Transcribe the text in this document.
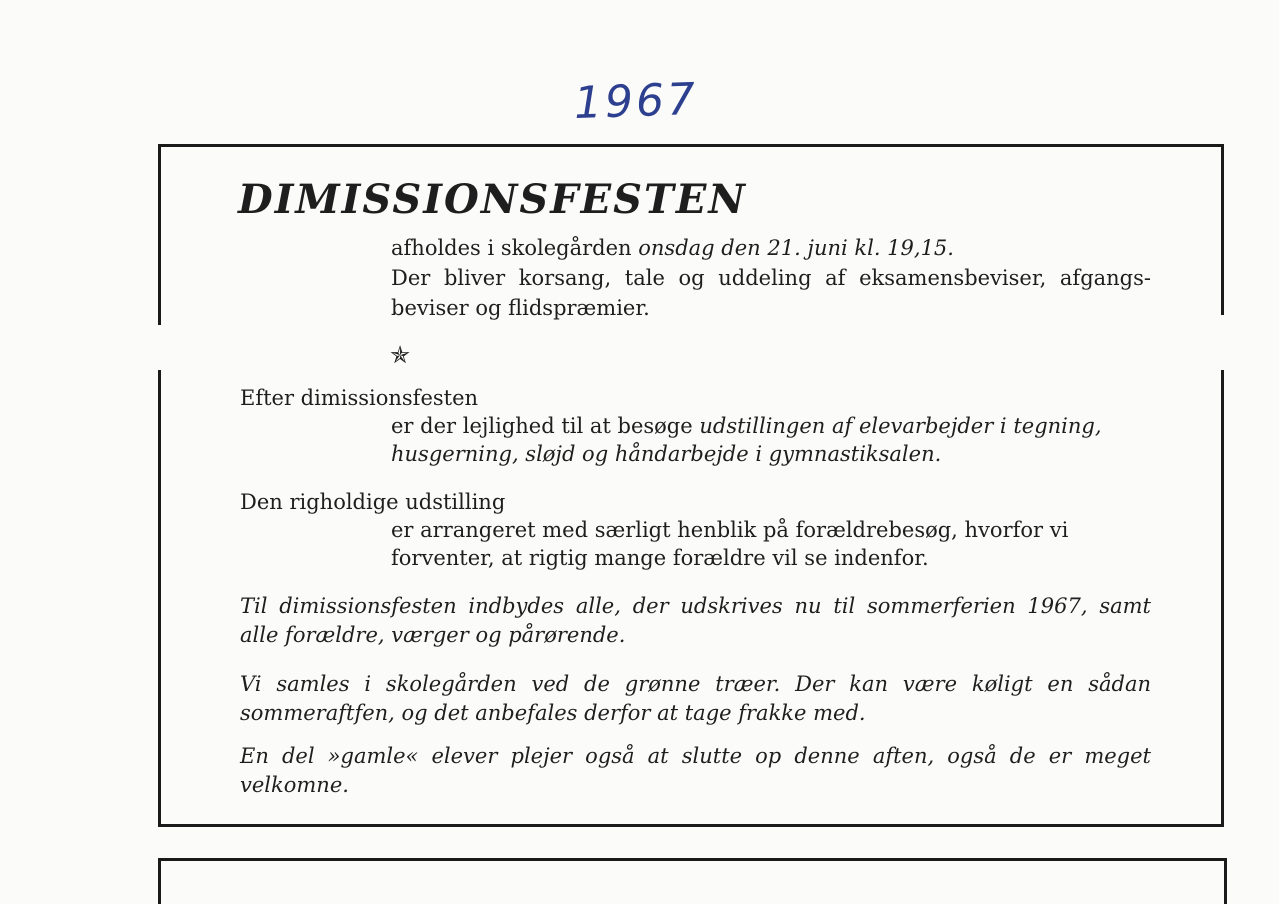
1967
DIMISSIONSFESTEN
afholdes i skolegården onsdag den 21. juni kl. 19,15.
Der bliver korsang, tale og uddeling af eksamensbeviser, afgangs-
beviser og flidspræmier.
✯
Efter dimissionsfesten
er der lejlighed til at besøge udstillingen af elevarbejder i tegning,
husgerning, sløjd og håndarbejde i gymnastiksalen.
Den righoldige udstilling
er arrangeret med særligt henblik på forældrebesøg, hvorfor vi
forventer, at rigtig mange forældre vil se indenfor.
Til dimissionsfesten indbydes alle, der udskrives nu til sommerferien 1967, samt
alle forældre, værger og pårørende.
Vi samles i skolegården ved de grønne træer. Der kan være køligt en sådan
sommeraftfen, og det anbefales derfor at tage frakke med.
En del »gamle« elever plejer også at slutte op denne aften, også de er meget
velkomne.
